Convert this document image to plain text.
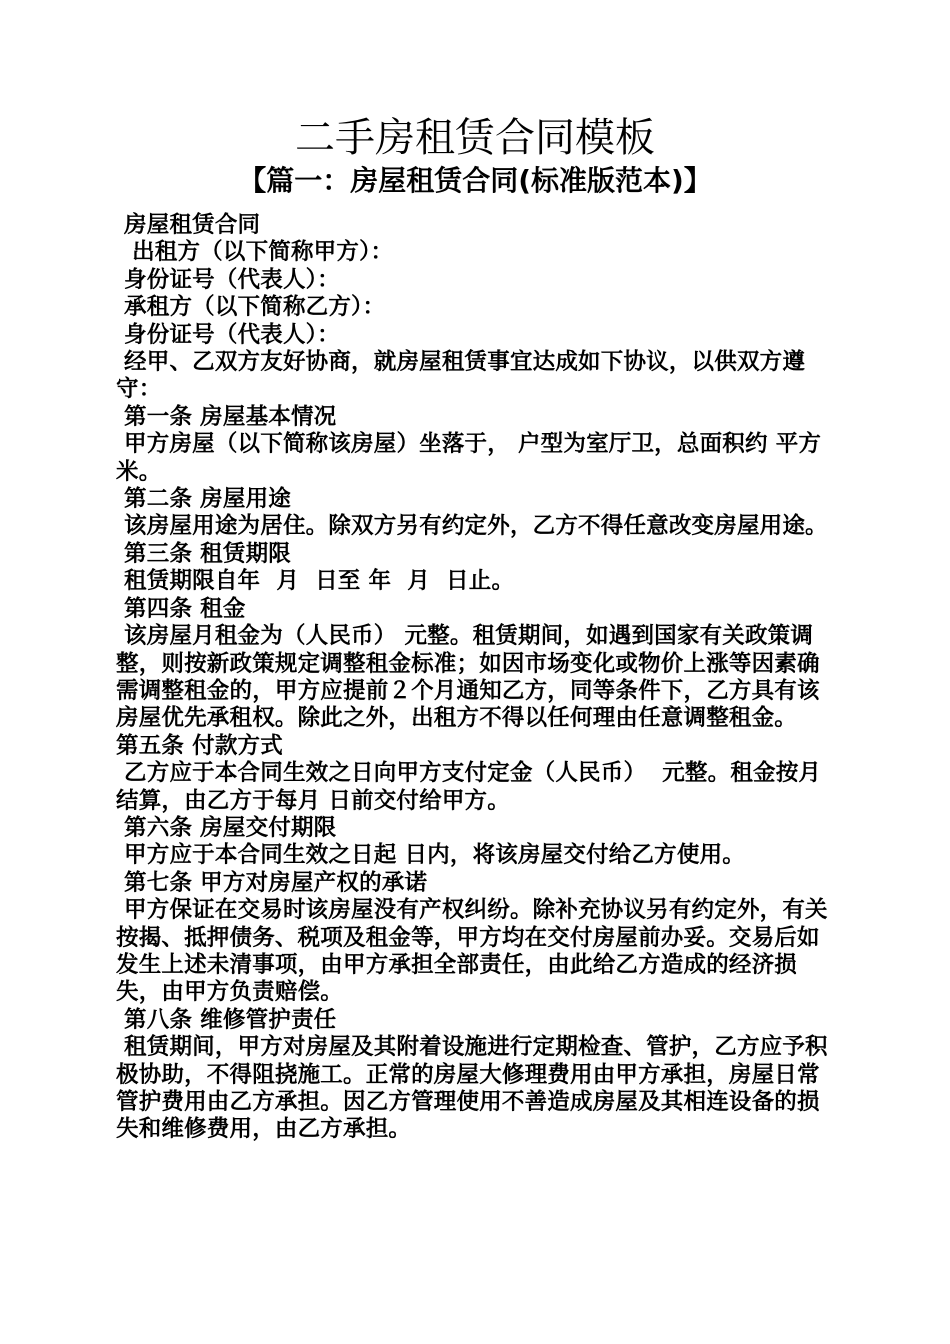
二手房租赁合同模板
【篇一：房屋租赁合同(标准版范本)】

房屋租赁合同

出租方（以下简称甲方）：

身份证号（代表人）：

承租方（以下简称乙方）：

身份证号（代表人）：

经甲、乙双方友好协商，就房屋租赁事宜达成如下协议，以供双方遵守：

第一条 房屋基本情况

甲方房屋（以下简称该房屋）坐落于， 户型为室厅卫，总面积约 平方米。

第二条 房屋用途

该房屋用途为居住。除双方另有约定外，乙方不得任意改变房屋用途。

第三条 租赁期限

租赁期限自年  月  日至 年  月  日止。

第四条 租金

该房屋月租金为（人民币） 元整。租赁期间，如遇到国家有关政策调整，则按新政策规定调整租金标准；如因市场变化或物价上涨等因素确需调整租金的，甲方应提前２个月通知乙方，同等条件下，乙方具有该房屋优先承租权。除此之外，出租方不得以任何理由任意调整租金。

第五条 付款方式

乙方应于本合同生效之日向甲方支付定金（人民币）  元整。租金按月结算，由乙方于每月 日前交付给甲方。

第六条 房屋交付期限

甲方应于本合同生效之日起 日内，将该房屋交付给乙方使用。

第七条 甲方对房屋产权的承诺

甲方保证在交易时该房屋没有产权纠纷。除补充协议另有约定外，有关按揭、抵押债务、税项及租金等，甲方均在交付房屋前办妥。交易后如发生上述未清事项，由甲方承担全部责任，由此给乙方造成的经济损失，由甲方负责赔偿。

第八条 维修管护责任

租赁期间，甲方对房屋及其附着设施进行定期检查、管护，乙方应予积极协助，不得阻挠施工。正常的房屋大修理费用由甲方承担，房屋日常管护费用由乙方承担。因乙方管理使用不善造成房屋及其相连设备的损失和维修费用，由乙方承担。
